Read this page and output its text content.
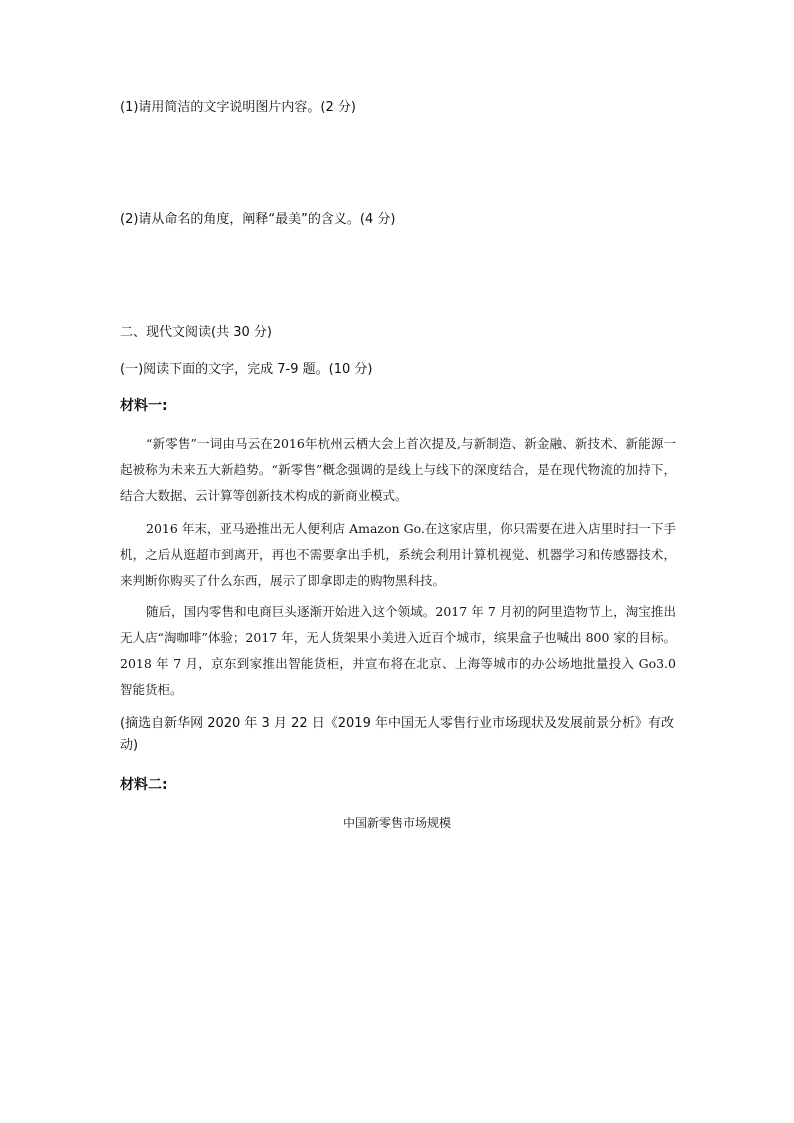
(1)请用简洁的文字说明图片内容。(2 分)
(2)请从命名的角度，阐释“最美”的含义。(4 分)
二、现代文阅读(共 30 分)
(一)阅读下面的文字，完成 7-9 题。(10 分)
材料一:
“新零售”一词由马云在2016年杭州云栖大会上首次提及,与新制造、新金融、新技术、新能源一起被称为未来五大新趋势。“新零售”概念强调的是线上与线下的深度结合，是在现代物流的加持下，结合大数据、云计算等创新技术构成的新商业模式。
2016 年末，亚马逊推出无人便利店 Amazon Go.在这家店里，你只需要在进入店里时扫一下手机，之后从逛超市到离开，再也不需要拿出手机，系统会利用计算机视觉、机器学习和传感器技术，来判断你购买了什么东西，展示了即拿即走的购物黑科技。
随后，国内零售和电商巨头逐渐开始进入这个领域。2017 年 7 月初的阿里造物节上，淘宝推出无人店“淘咖啡”体验；2017 年，无人货架果小美进入近百个城市，缤果盒子也喊出 800 家的目标。2018 年 7 月，京东到家推出智能货柜，并宣布将在北京、上海等城市的办公场地批量投入 Go3.0 智能货柜。
(摘选自新华网 2020 年 3 月 22 日《2019 年中国无人零售行业市场现状及发展前景分析》有改动)
材料二:
中国新零售市场规模
